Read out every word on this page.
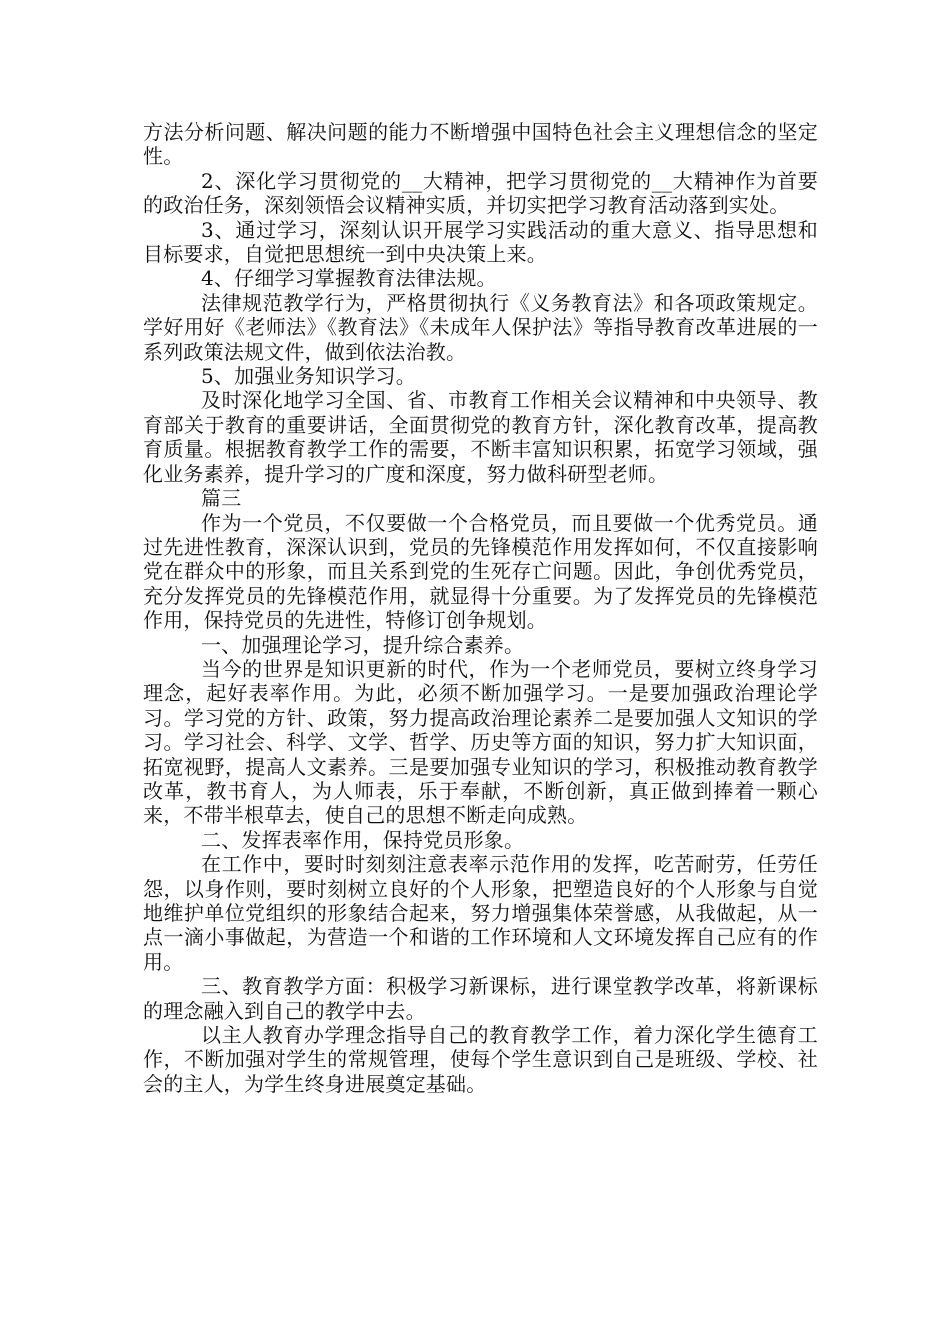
方法分析问题、解决问题的能力不断增强中国特色社会主义理想信念的坚定性。

2、深化学习贯彻党的__大精神，把学习贯彻党的__大精神作为首要的政治任务，深刻领悟会议精神实质，并切实把学习教育活动落到实处。

3、通过学习，深刻认识开展学习实践活动的重大意义、指导思想和目标要求，自觉把思想统一到中央决策上来。

4、仔细学习掌握教育法律法规。

法律规范教学行为，严格贯彻执行《义务教育法》和各项政策规定。学好用好《老师法》《教育法》《未成年人保护法》等指导教育改革进展的一系列政策法规文件，做到依法治教。

5、加强业务知识学习。

及时深化地学习全国、省、市教育工作相关会议精神和中央领导、教育部关于教育的重要讲话，全面贯彻党的教育方针，深化教育改革，提高教育质量。根据教育教学工作的需要，不断丰富知识积累，拓宽学习领域，强化业务素养，提升学习的广度和深度，努力做科研型老师。

篇三

作为一个党员，不仅要做一个合格党员，而且要做一个优秀党员。通过先进性教育，深深认识到，党员的先锋模范作用发挥如何，不仅直接影响党在群众中的形象，而且关系到党的生死存亡问题。因此，争创优秀党员，充分发挥党员的先锋模范作用，就显得十分重要。为了发挥党员的先锋模范作用，保持党员的先进性，特修订创争规划。

一、加强理论学习，提升综合素养。

当今的世界是知识更新的时代，作为一个老师党员，要树立终身学习理念，起好表率作用。为此，必须不断加强学习。一是要加强政治理论学习。学习党的方针、政策，努力提高政治理论素养二是要加强人文知识的学习。学习社会、科学、文学、哲学、历史等方面的知识，努力扩大知识面，拓宽视野，提高人文素养。三是要加强专业知识的学习，积极推动教育教学改革，教书育人，为人师表，乐于奉献，不断创新，真正做到捧着一颗心来，不带半根草去，使自己的思想不断走向成熟。

二、发挥表率作用，保持党员形象。

在工作中，要时时刻刻注意表率示范作用的发挥，吃苦耐劳，任劳任怨，以身作则，要时刻树立良好的个人形象，把塑造良好的个人形象与自觉地维护单位党组织的形象结合起来，努力增强集体荣誉感，从我做起，从一点一滴小事做起，为营造一个和谐的工作环境和人文环境发挥自己应有的作用。

三、教育教学方面：积极学习新课标，进行课堂教学改革，将新课标的理念融入到自己的教学中去。

以主人教育办学理念指导自己的教育教学工作，着力深化学生德育工作，不断加强对学生的常规管理，使每个学生意识到自己是班级、学校、社会的主人，为学生终身进展奠定基础。
